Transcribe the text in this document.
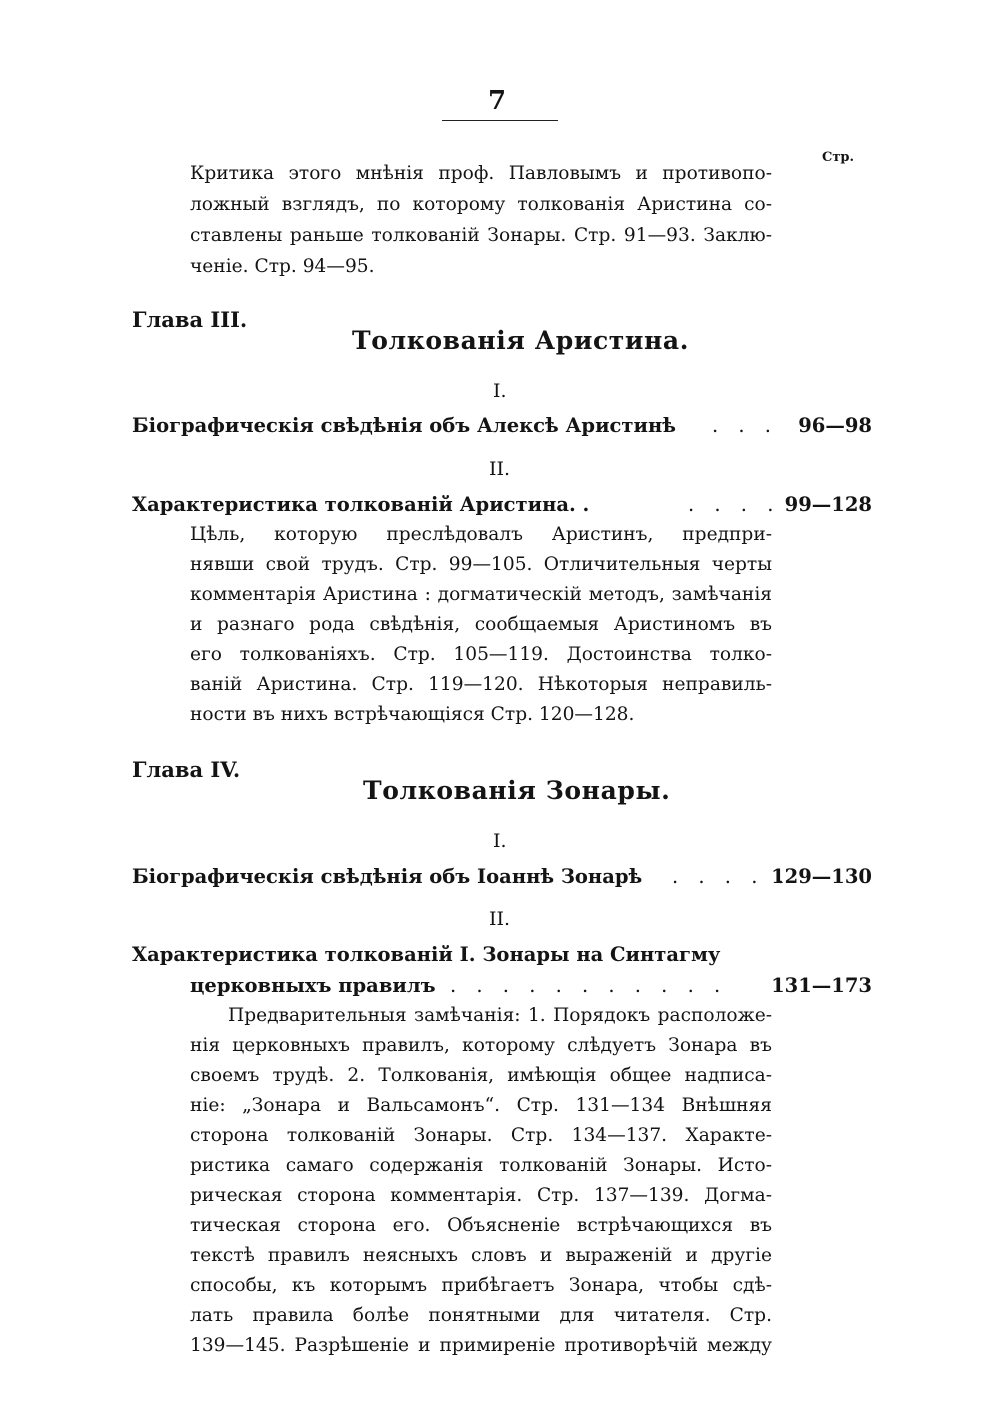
7
Стр.
Критика этого мнѣнія проф. Павловымъ и противопо-
ложный взглядъ, по которому толкованія Аристина со-
ставлены раньше толкованій Зонары. Стр. 91—93. Заклю-
ченіе. Стр. 94—95.
Глава III.
Толкованія Аристина.
I.
Біографическія свѣдѣнія объ Алексѣ Аристинѣ . . . 96—98
II.
Характеристика толкованій Аристина. .	. . . . 99—128
Цѣль, которую преслѣдовалъ Аристинъ, предпри-
нявши свой трудъ. Стр. 99—105. Отличительныя черты
комментарія Аристина : догматическій методъ, замѣчанія
и разнаго рода свѣдѣнія, сообщаемыя Аристиномъ въ
его толкованіяхъ. Стр. 105—119. Достоинства толко-
ваній Аристина. Стр. 119—120. Нѣкоторыя неправиль-
ности въ нихъ встрѣчающіяся Стр. 120—128.
Глава IV.
Толкованія Зонары.
I.
Біографическія свѣдѣнія объ Іоаннѣ Зонарѣ . . . . .
129—130
II.
Характеристика толкованій І. Зонары на Синтагму
церковныхъ правилъ . . . . . . . . . . . 131—173
Предварительныя замѣчанія: 1. Порядокъ расположе-
нія церковныхъ правилъ, которому слѣдуетъ Зонара въ
своемъ трудѣ. 2. Толкованія, имѣющія общее надписа-
ніе: „Зонара и Вальсамонъ“. Стр. 131—134 Внѣшняя
сторона толкованій Зонары. Стр. 134—137. Характе-
ристика самаго содержанія толкованій Зонары. Исто-
рическая сторона комментарія. Стр. 137—139. Догма-
тическая сторона его. Объясненіе встрѣчающихся въ
текстѣ правилъ неясныхъ словъ и выраженій и другіе
способы, къ которымъ прибѣгаетъ Зонара, чтобы сдѣ-
лать правила болѣе понятными для читателя. Стр.
139—145. Разрѣшеніе и примиреніе противорѣчій между
